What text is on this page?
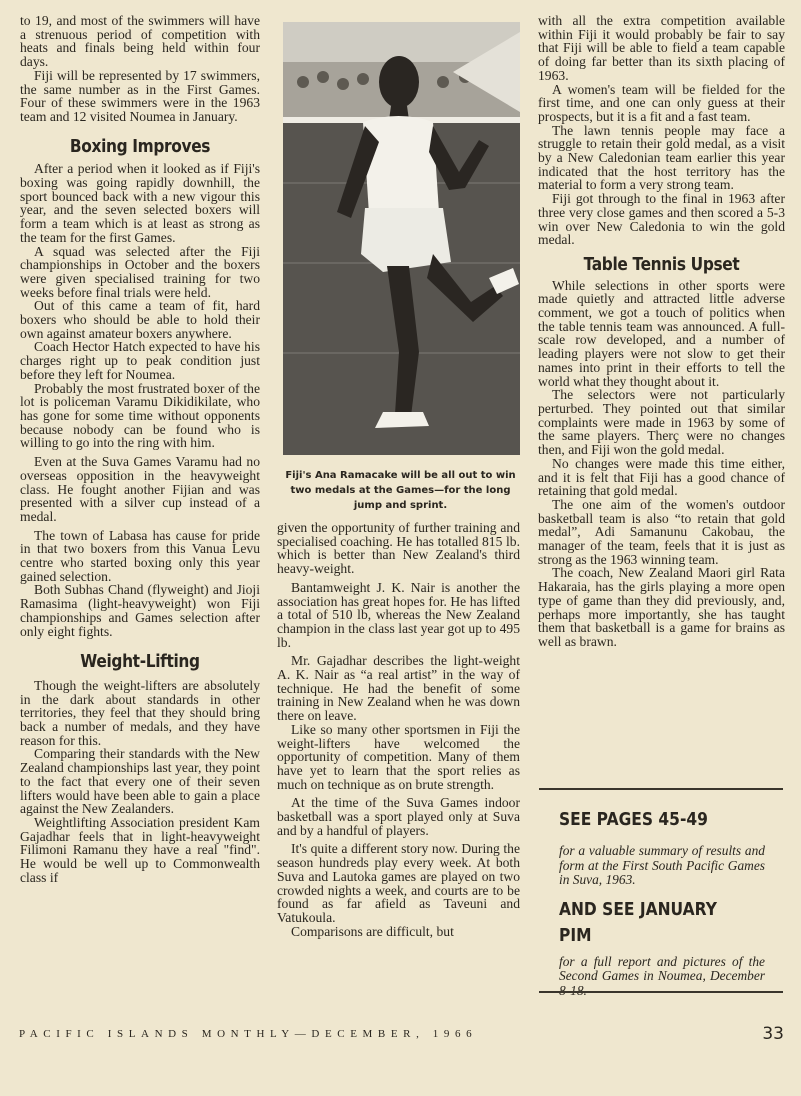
to 19, and most of the swimmers will have a strenuous period of competition with heats and finals being held within four days.

Fiji will be represented by 17 swimmers, the same number as in the First Games. Four of these swimmers were in the 1963 team and 12 visited Noumea in January.

Boxing Improves

After a period when it looked as if Fiji's boxing was going rapidly downhill, the sport bounced back with a new vigour this year, and the seven selected boxers will form a team which is at least as strong as the team for the first Games.

A squad was selected after the Fiji championships in October and the boxers were given specialised training for two weeks before final trials were held.

Out of this came a team of fit, hard boxers who should be able to hold their own against amateur boxers anywhere.

Coach Hector Hatch expected to have his charges right up to peak condition just before they left for Noumea.

Probably the most frustrated boxer of the lot is policeman Varamu Dikidikilate, who has gone for some time without opponents because nobody can be found who is willing to go into the ring with him.

Even at the Suva Games Varamu had no overseas opposition in the heavyweight class. He fought another Fijian and was presented with a silver cup instead of a medal.

The town of Labasa has cause for pride in that two boxers from this Vanua Levu centre who started boxing only this year gained selection.

Both Subhas Chand (flyweight) and Jioji Ramasima (light-heavyweight) won Fiji championships and Games selection after only eight fights.

Weight-Lifting

Though the weight-lifters are absolutely in the dark about standards in other territories, they feel that they should bring back a number of medals, and they have reason for this.

Comparing their standards with the New Zealand championships last year, they point to the fact that every one of their seven lifters would have been able to gain a place against the New Zealanders.

Weightlifting Association president Kam Gajadhar feels that in light-heavyweight Filimoni Ramanu they have a real "find". He would be well up to Commonwealth class if

Fiji's Ana Ramacake will be all out to win two medals at the Games—for the long jump and sprint.

given the opportunity of further training and specialised coaching. He has totalled 815 lb. which is better than New Zealand's third heavy-weight.

Bantamweight J. K. Nair is another the association has great hopes for. He has lifted a total of 510 lb, whereas the New Zealand champion in the class last year got up to 495 lb.

Mr. Gajadhar describes the light-weight A. K. Nair as “a real artist” in the way of technique. He had the benefit of some training in New Zealand when he was down there on leave.

Like so many other sportsmen in Fiji the weight-lifters have welcomed the opportunity of competition. Many of them have yet to learn that the sport relies as much on technique as on brute strength.

At the time of the Suva Games indoor basketball was a sport played only at Suva and by a handful of players.

It's quite a different story now. During the season hundreds play every week. At both Suva and Lautoka games are played on two crowded nights a week, and courts are to be found as far afield as Taveuni and Vatukoula.

Comparisons are difficult, but

with all the extra competition available within Fiji it would probably be fair to say that Fiji will be able to field a team capable of doing far better than its sixth placing of 1963.

A women's team will be fielded for the first time, and one can only guess at their prospects, but it is a fit and a fast team.

The lawn tennis people may face a struggle to retain their gold medal, as a visit by a New Caledonian team earlier this year indicated that the host territory has the material to form a very strong team.

Fiji got through to the final in 1963 after three very close games and then scored a 5-3 win over New Caledonia to win the gold medal.

Table Tennis Upset

While selections in other sports were made quietly and attracted little adverse comment, we got a touch of politics when the table tennis team was announced. A full-scale row developed, and a number of leading players were not slow to get their names into print in their efforts to tell the world what they thought about it.

The selectors were not particularly perturbed. They pointed out that similar complaints were made in 1963 by some of the same players. Therç were no changes then, and Fiji won the gold medal.

No changes were made this time either, and it is felt that Fiji has a good chance of retaining that gold medal.

The one aim of the women's outdoor basketball team is also “to retain that gold medal”, Adi Samanunu Cakobau, the manager of the team, feels that it is just as strong as the 1963 winning team.

The coach, New Zealand Maori girl Rata Hakaraia, has the girls playing a more open type of game than they did previously, and, perhaps more importantly, she has taught them that basketball is a game for brains as well as brawn.

SEE PAGES 45-49

for a valuable summary of results and form at the First South Pacific Games in Suva, 1963.

AND SEE JANUARY PIM

for a full report and pictures of the Second Games in Noumea, December 8-18.

PACIFIC ISLANDS MONTHLY—DECEMBER, 1966	33
